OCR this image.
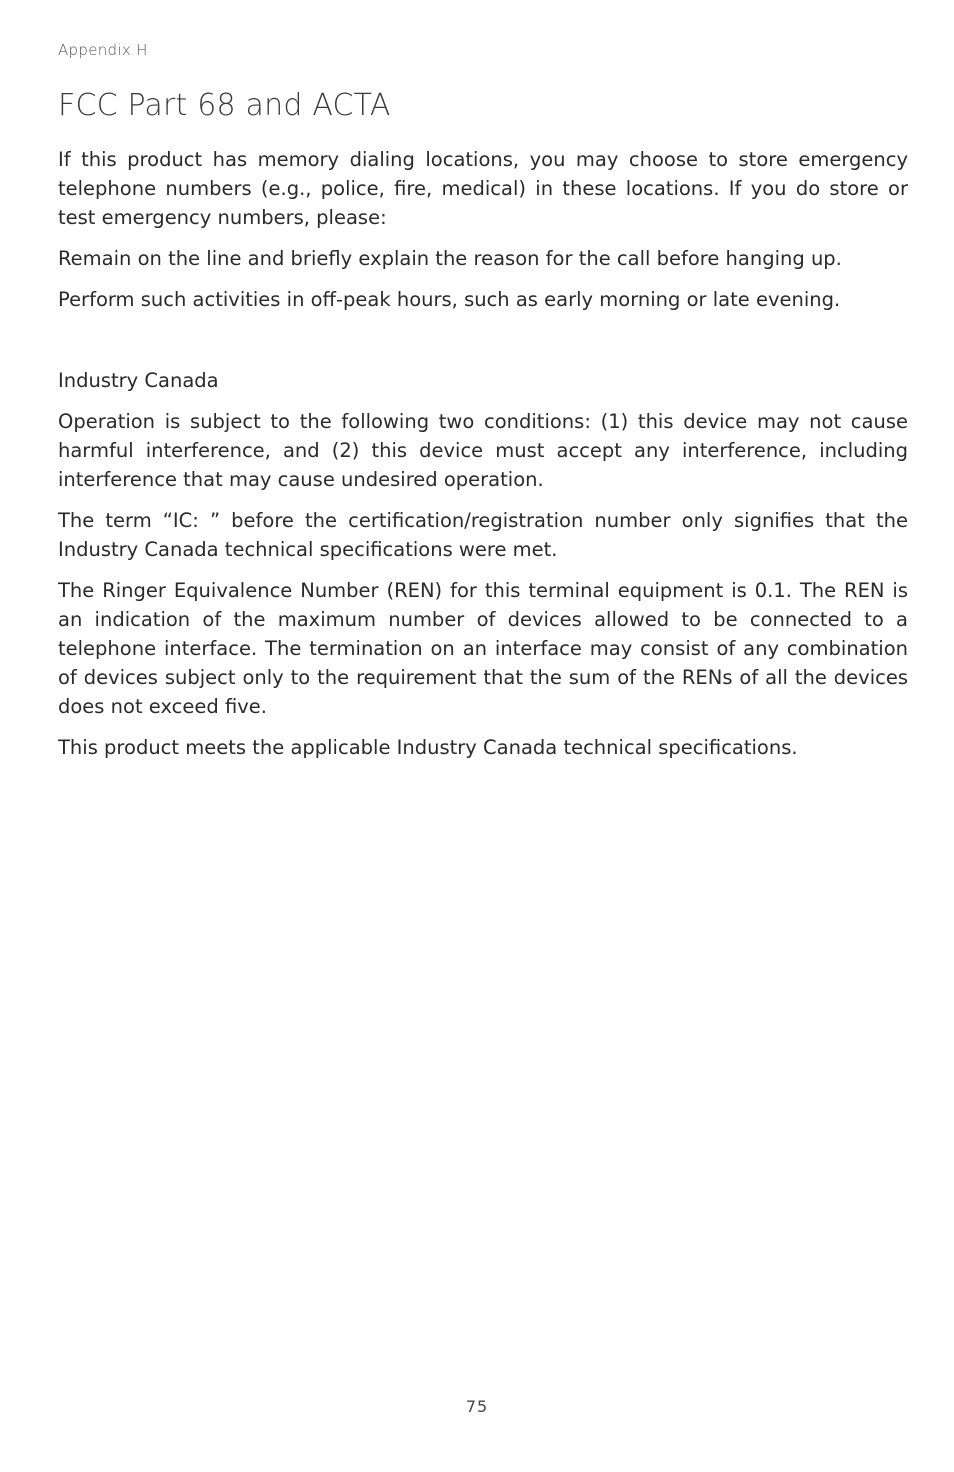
Appendix H
FCC Part 68 and ACTA

If this product has memory dialing locations, you may choose to store emergency telephone numbers (e.g., police, fire, medical) in these locations. If you do store or test emergency numbers, please:

Remain on the line and briefly explain the reason for the call before hanging up.

Perform such activities in off-peak hours, such as early morning or late evening.

Industry Canada

Operation is subject to the following two conditions: (1) this device may not cause harmful interference, and (2) this device must accept any interference, including interference that may cause undesired operation.

The term “IC: ” before the certification/registration number only signifies that the Industry Canada technical specifications were met.

The Ringer Equivalence Number (REN) for this terminal equipment is 0.1. The REN is an indication of the maximum number of devices allowed to be connected to a telephone interface. The termination on an interface may consist of any combination of devices subject only to the requirement that the sum of the RENs of all the devices does not exceed five.

This product meets the applicable Industry Canada technical specifications.

75
